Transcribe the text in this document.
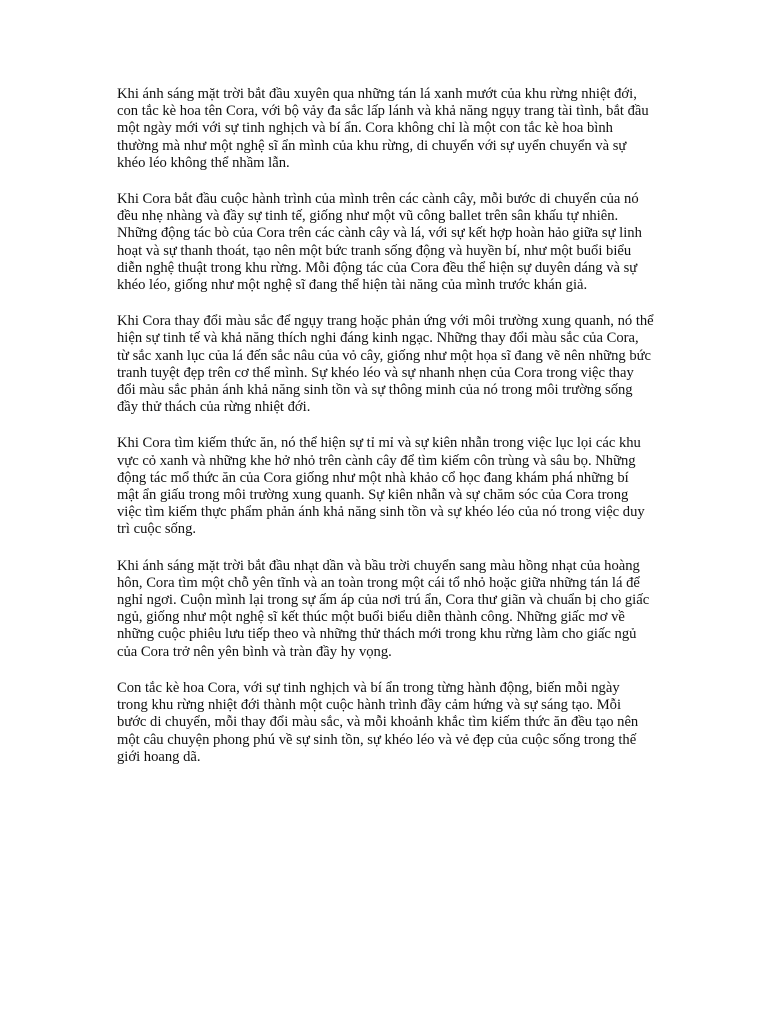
Khi ánh sáng mặt trời bắt đầu xuyên qua những tán lá xanh mướt của khu rừng nhiệt đới, con tắc kè hoa tên Cora, với bộ vảy đa sắc lấp lánh và khả năng ngụy trang tài tình, bắt đầu một ngày mới với sự tinh nghịch và bí ẩn. Cora không chỉ là một con tắc kè hoa bình thường mà như một nghệ sĩ ẩn mình của khu rừng, di chuyển với sự uyển chuyển và sự khéo léo không thể nhầm lẫn.

Khi Cora bắt đầu cuộc hành trình của mình trên các cành cây, mỗi bước di chuyển của nó đều nhẹ nhàng và đầy sự tinh tế, giống như một vũ công ballet trên sân khấu tự nhiên. Những động tác bò của Cora trên các cành cây và lá, với sự kết hợp hoàn hảo giữa sự linh hoạt và sự thanh thoát, tạo nên một bức tranh sống động và huyền bí, như một buổi biểu diễn nghệ thuật trong khu rừng. Mỗi động tác của Cora đều thể hiện sự duyên dáng và sự khéo léo, giống như một nghệ sĩ đang thể hiện tài năng của mình trước khán giả.

Khi Cora thay đổi màu sắc để ngụy trang hoặc phản ứng với môi trường xung quanh, nó thể hiện sự tinh tế và khả năng thích nghi đáng kinh ngạc. Những thay đổi màu sắc của Cora, từ sắc xanh lục của lá đến sắc nâu của vỏ cây, giống như một họa sĩ đang vẽ nên những bức tranh tuyệt đẹp trên cơ thể mình. Sự khéo léo và sự nhanh nhẹn của Cora trong việc thay đổi màu sắc phản ánh khả năng sinh tồn và sự thông minh của nó trong môi trường sống đầy thử thách của rừng nhiệt đới.

Khi Cora tìm kiếm thức ăn, nó thể hiện sự tỉ mỉ và sự kiên nhẫn trong việc lục lọi các khu vực cỏ xanh và những khe hở nhỏ trên cành cây để tìm kiếm côn trùng và sâu bọ. Những động tác mổ thức ăn của Cora giống như một nhà khảo cổ học đang khám phá những bí mật ẩn giấu trong môi trường xung quanh. Sự kiên nhẫn và sự chăm sóc của Cora trong việc tìm kiếm thực phẩm phản ánh khả năng sinh tồn và sự khéo léo của nó trong việc duy trì cuộc sống.

Khi ánh sáng mặt trời bắt đầu nhạt dần và bầu trời chuyển sang màu hồng nhạt của hoàng hôn, Cora tìm một chỗ yên tĩnh và an toàn trong một cái tổ nhỏ hoặc giữa những tán lá để nghỉ ngơi. Cuộn mình lại trong sự ấm áp của nơi trú ẩn, Cora thư giãn và chuẩn bị cho giấc ngủ, giống như một nghệ sĩ kết thúc một buổi biểu diễn thành công. Những giấc mơ về những cuộc phiêu lưu tiếp theo và những thử thách mới trong khu rừng làm cho giấc ngủ của Cora trở nên yên bình và tràn đầy hy vọng.

Con tắc kè hoa Cora, với sự tinh nghịch và bí ẩn trong từng hành động, biến mỗi ngày trong khu rừng nhiệt đới thành một cuộc hành trình đầy cảm hứng và sự sáng tạo. Mỗi bước di chuyển, mỗi thay đổi màu sắc, và mỗi khoảnh khắc tìm kiếm thức ăn đều tạo nên một câu chuyện phong phú về sự sinh tồn, sự khéo léo và vẻ đẹp của cuộc sống trong thế giới hoang dã.
